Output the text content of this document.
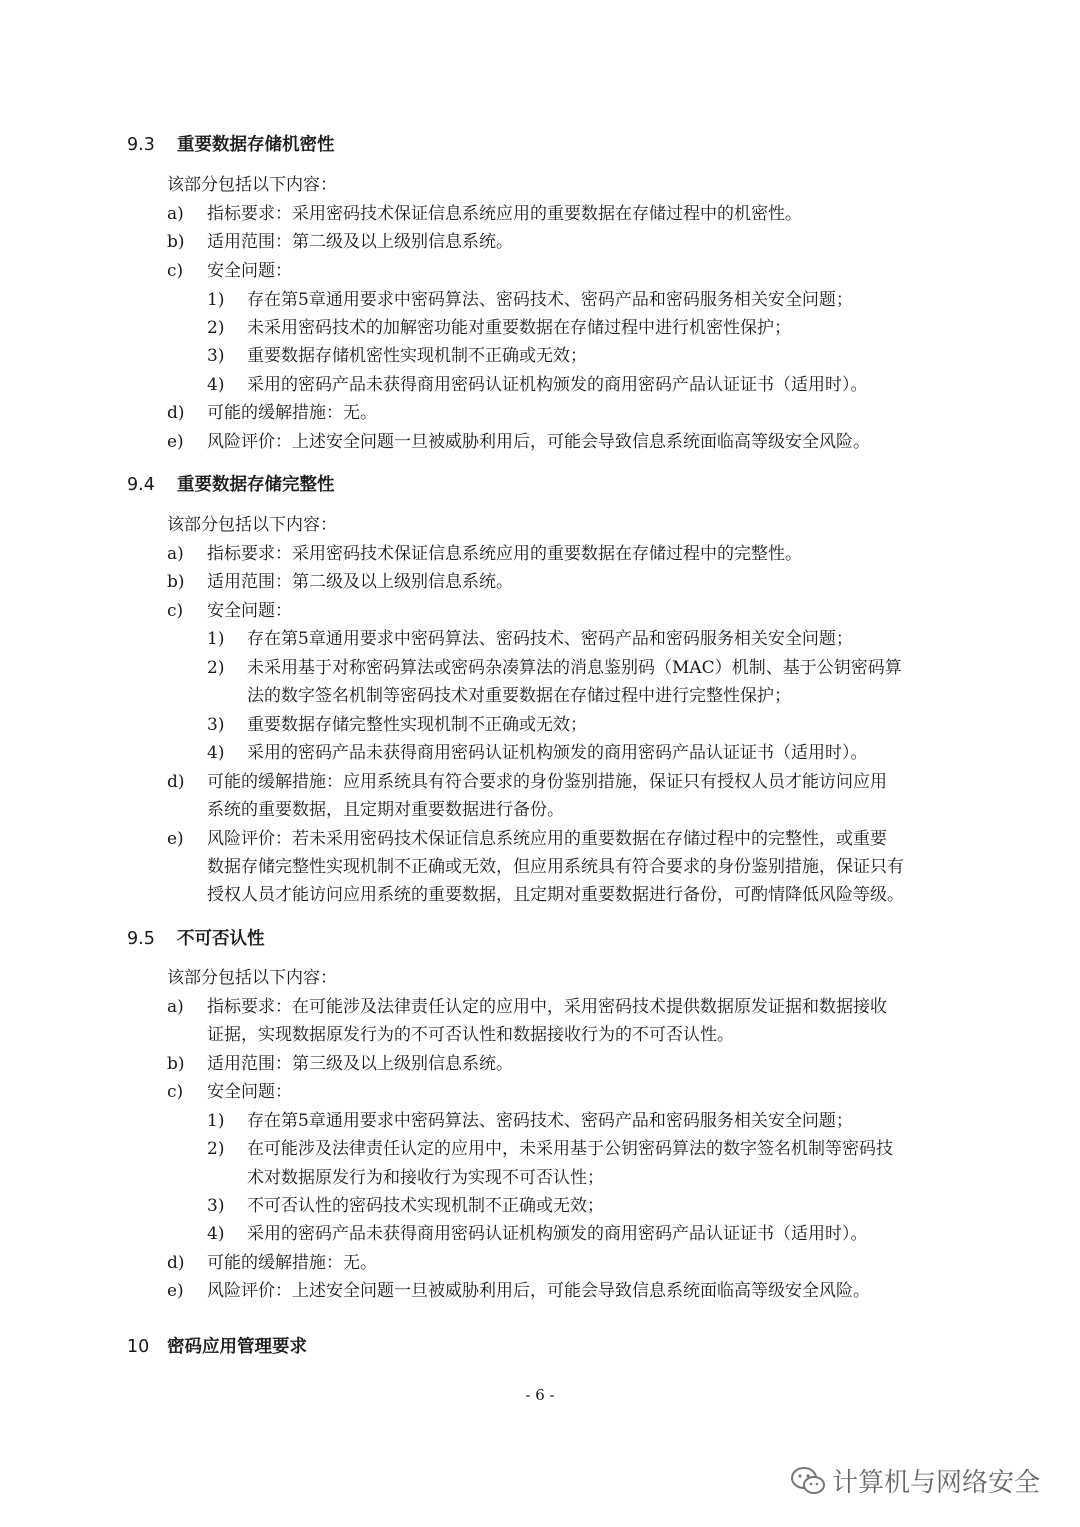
9.3 重要数据存储机密性
该部分包括以下内容：
a) 指标要求：采用密码技术保证信息系统应用的重要数据在存储过程中的机密性。
b) 适用范围：第二级及以上级别信息系统。
c) 安全问题：
1) 存在第5章通用要求中密码算法、密码技术、密码产品和密码服务相关安全问题；
2) 未采用密码技术的加解密功能对重要数据在存储过程中进行机密性保护；
3) 重要数据存储机密性实现机制不正确或无效；
4) 采用的密码产品未获得商用密码认证机构颁发的商用密码产品认证证书（适用时）。
d) 可能的缓解措施：无。
e) 风险评价：上述安全问题一旦被威胁利用后，可能会导致信息系统面临高等级安全风险。
9.4 重要数据存储完整性
该部分包括以下内容：
a) 指标要求：采用密码技术保证信息系统应用的重要数据在存储过程中的完整性。
b) 适用范围：第二级及以上级别信息系统。
c) 安全问题：
1) 存在第5章通用要求中密码算法、密码技术、密码产品和密码服务相关安全问题；
2) 未采用基于对称密码算法或密码杂凑算法的消息鉴别码（MAC）机制、基于公钥密码算
法的数字签名机制等密码技术对重要数据在存储过程中进行完整性保护；
3) 重要数据存储完整性实现机制不正确或无效；
4) 采用的密码产品未获得商用密码认证机构颁发的商用密码产品认证证书（适用时）。
d) 可能的缓解措施：应用系统具有符合要求的身份鉴别措施，保证只有授权人员才能访问应用
系统的重要数据，且定期对重要数据进行备份。
e) 风险评价：若未采用密码技术保证信息系统应用的重要数据在存储过程中的完整性，或重要
数据存储完整性实现机制不正确或无效，但应用系统具有符合要求的身份鉴别措施，保证只有
授权人员才能访问应用系统的重要数据，且定期对重要数据进行备份，可酌情降低风险等级。
9.5 不可否认性
该部分包括以下内容：
a) 指标要求：在可能涉及法律责任认定的应用中，采用密码技术提供数据原发证据和数据接收
证据，实现数据原发行为的不可否认性和数据接收行为的不可否认性。
b) 适用范围：第三级及以上级别信息系统。
c) 安全问题：
1) 存在第5章通用要求中密码算法、密码技术、密码产品和密码服务相关安全问题；
2) 在可能涉及法律责任认定的应用中，未采用基于公钥密码算法的数字签名机制等密码技
术对数据原发行为和接收行为实现不可否认性；
3) 不可否认性的密码技术实现机制不正确或无效；
4) 采用的密码产品未获得商用密码认证机构颁发的商用密码产品认证证书（适用时）。
d) 可能的缓解措施：无。
e) 风险评价：上述安全问题一旦被威胁利用后，可能会导致信息系统面临高等级安全风险。
10 密码应用管理要求
- 6 -
计算机与网络安全
